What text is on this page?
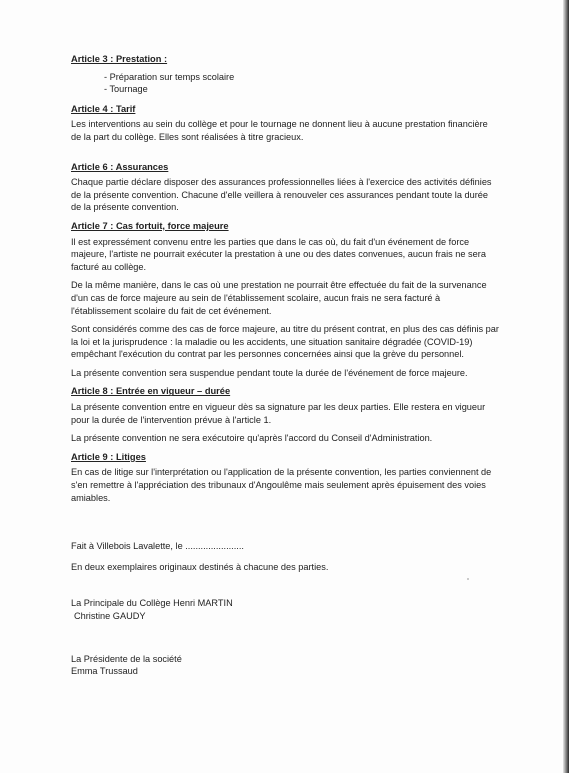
Article 3 : Prestation :
- Préparation sur temps scolaire
- Tournage
Article 4 : Tarif
Les interventions au sein du collège et pour le tournage ne donnent lieu à aucune prestation financière
de la part du collège. Elles sont réalisées à titre gracieux.
Article 6 : Assurances
Chaque partie déclare disposer des assurances professionnelles liées à l'exercice des activités définies
de la présente convention. Chacune d'elle veillera à renouveler ces assurances pendant toute la durée
de la présente convention.
Article 7 : Cas fortuit, force majeure
Il est expressément convenu entre les parties que dans le cas où, du fait d'un événement de force
majeure, l'artiste ne pourrait exécuter la prestation à une ou des dates convenues, aucun frais ne sera
facturé au collège.
De la même manière, dans le cas où une prestation ne pourrait être effectuée du fait de la survenance
d'un cas de force majeure au sein de l'établissement scolaire, aucun frais ne sera facturé à
l'établissement scolaire du fait de cet événement.
Sont considérés comme des cas de force majeure, au titre du présent contrat, en plus des cas définis par
la loi et la jurisprudence : la maladie ou les accidents, une situation sanitaire dégradée (COVID-19)
empêchant l'exécution du contrat par les personnes concernées ainsi que la grève du personnel.
La présente convention sera suspendue pendant toute la durée de l'événement de force majeure.
Article 8 : Entrée en vigueur – durée
La présente convention entre en vigueur dès sa signature par les deux parties. Elle restera en vigueur
pour la durée de l'intervention prévue à l'article 1.
La présente convention ne sera exécutoire qu'après l'accord du Conseil d'Administration.
Article 9 : Litiges
En cas de litige sur l'interprétation ou l'application de la présente convention, les parties conviennent de
s'en remettre à l'appréciation des tribunaux d'Angoulême mais seulement après épuisement des voies
amiables.

Fait à Villebois Lavalette, le .......................

En deux exemplaires originaux destinés à chacune des parties.

La Principale du Collège Henri MARTIN

Christine GAUDY

La Présidente de la société

Emma Trussaud
